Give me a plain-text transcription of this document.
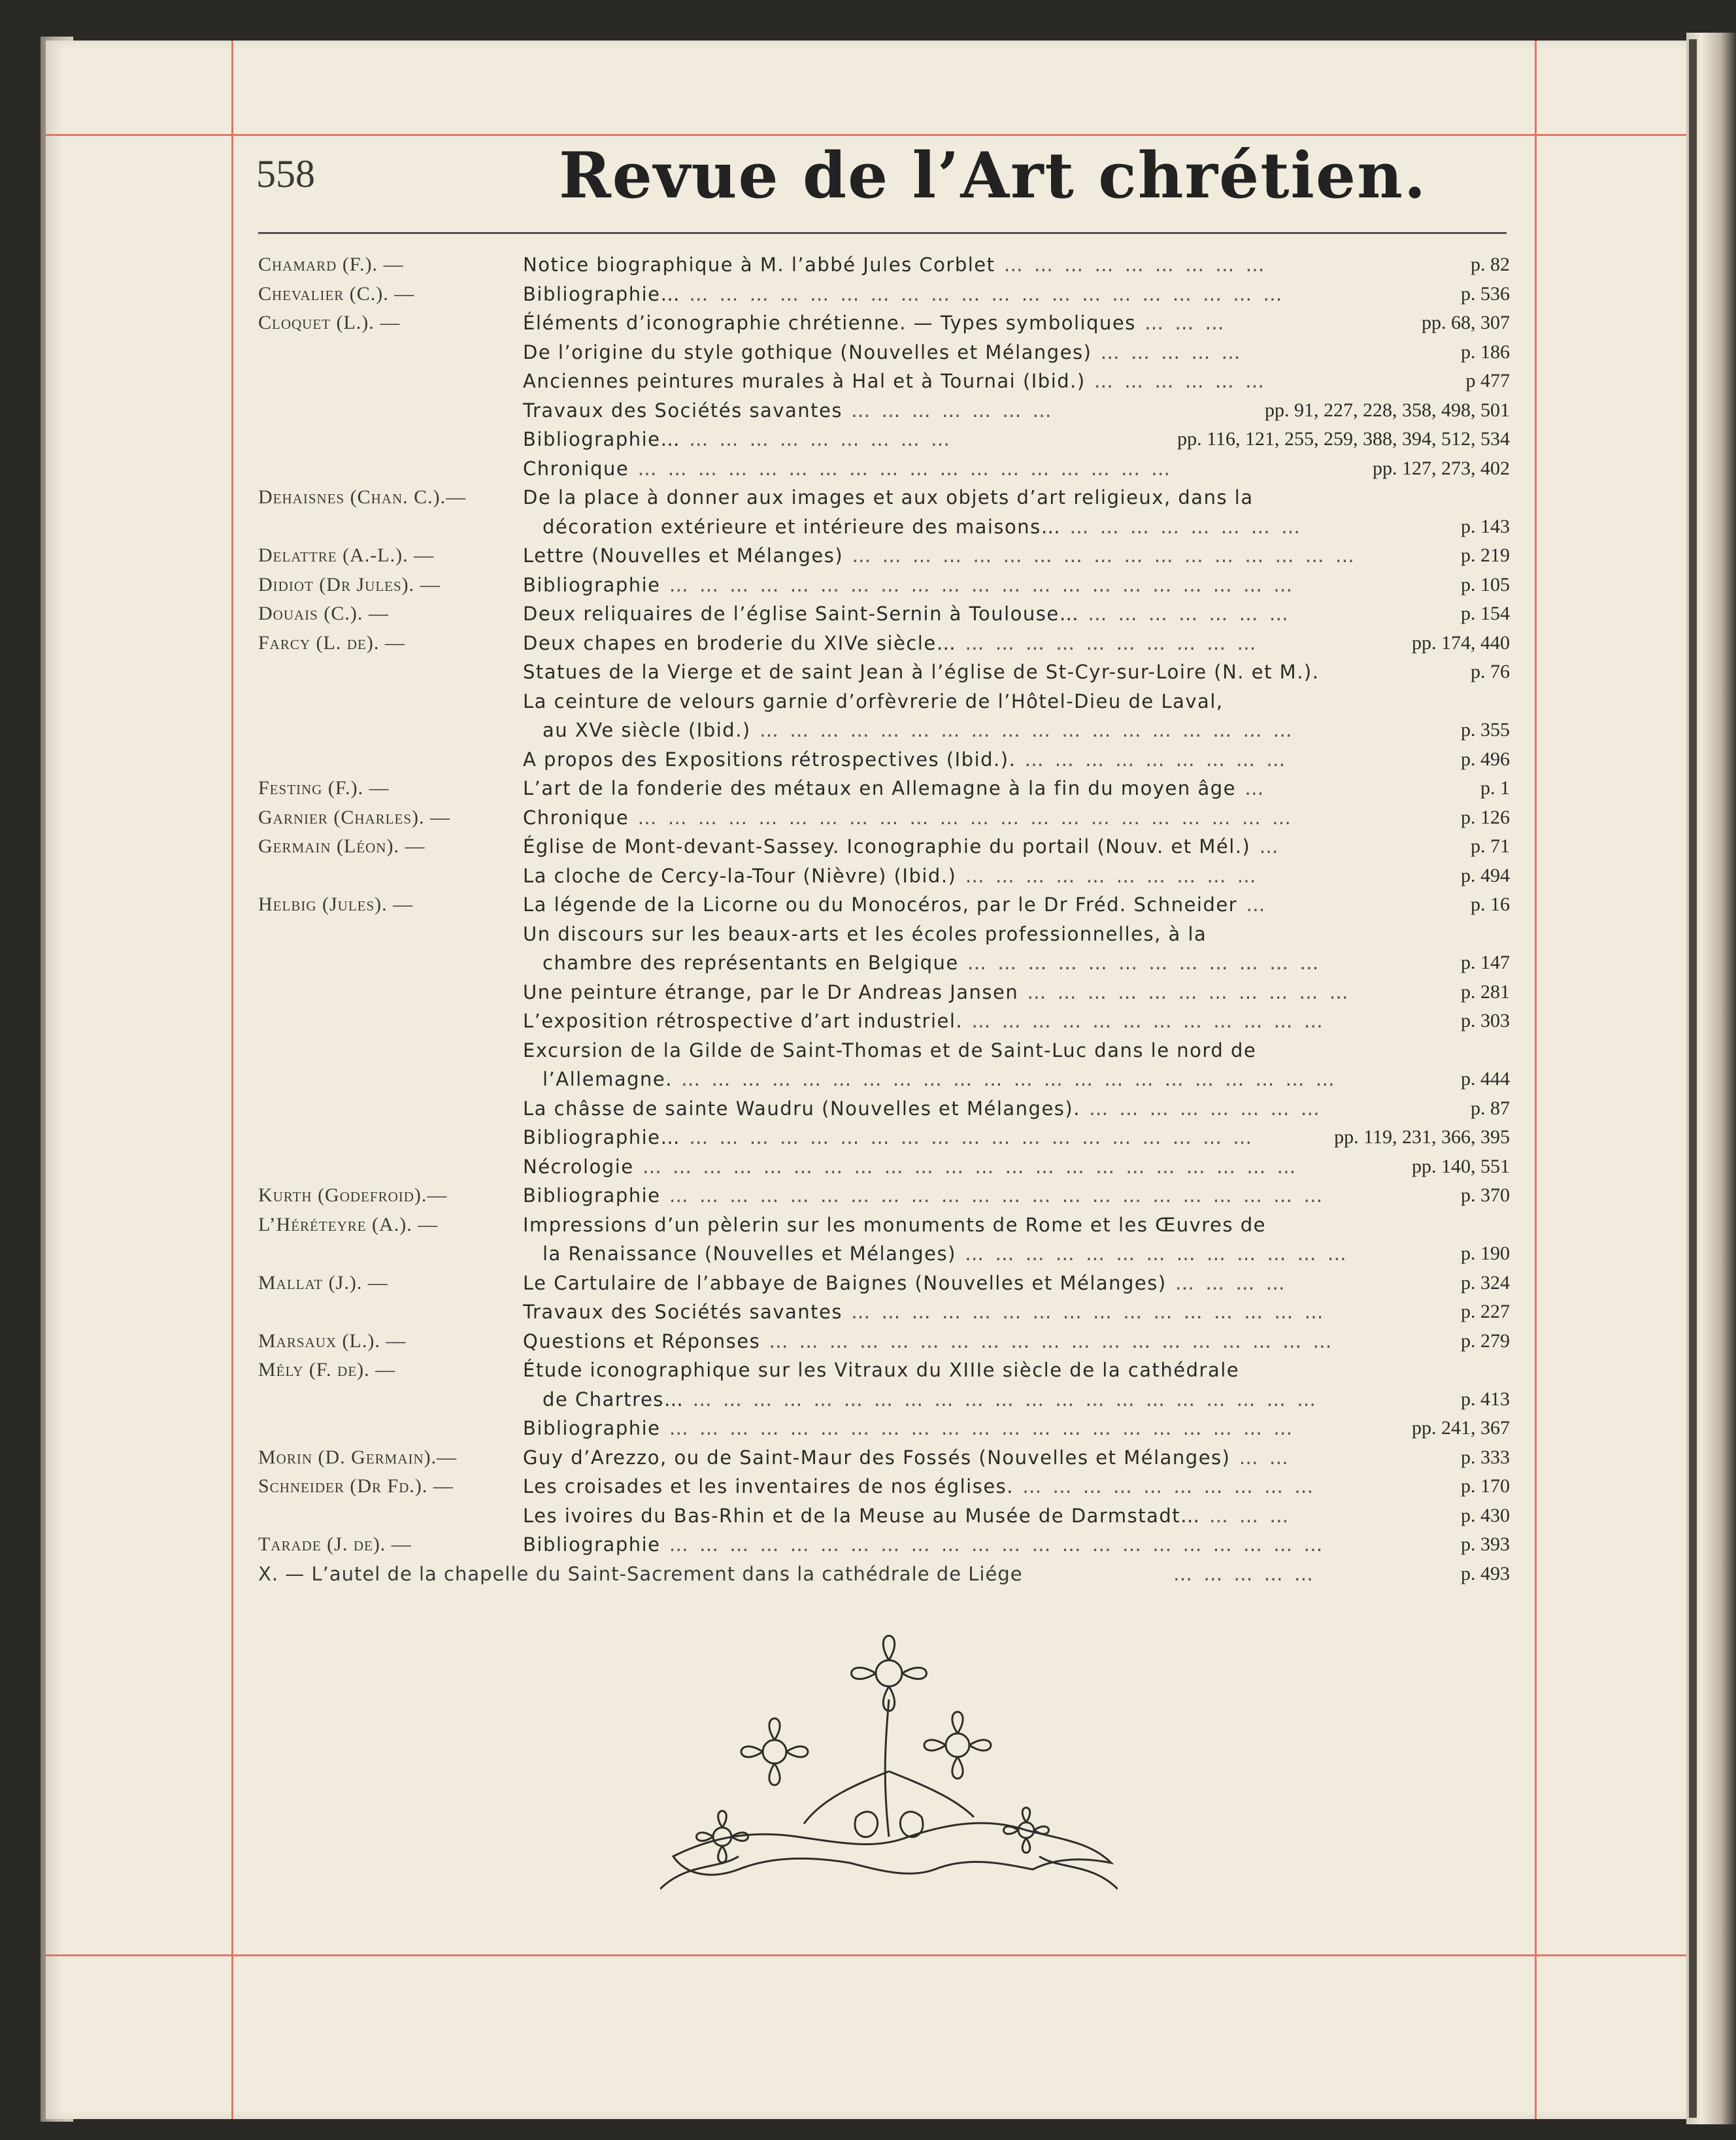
558	Revue de l’Art chrétien.
Chamard (F.). —	Notice biographique à M. l’abbé Jules Corblet … … … … … … … … …	p. 82
Chevalier (C.). —	Bibliographie… … … … … … … … … … … … … … … … … … … … …	p. 536
Cloquet (L.). —	Éléments d’iconographie chrétienne. — Types symboliques … … …	pp. 68, 307
De l’origine du style gothique (Nouvelles et Mélanges) … … … … …	p. 186
Anciennes peintures murales à Hal et à Tournai (Ibid.) … … … … … …	p 477
Travaux des Sociétés savantes … … … … … … …	pp. 91, 227, 228, 358, 498, 501
Bibliographie… … … … … … … … … …	pp. 116, 121, 255, 259, 388, 394, 512, 534
Chronique … … … … … … … … … … … … … … … … … …	pp. 127, 273, 402
Dehaisnes (Chan. C.).—	De la place à donner aux images et aux objets d’art religieux, dans la
décoration extérieure et intérieure des maisons… … … … … … … … …	p. 143
Delattre (A.-L.). —	Lettre (Nouvelles et Mélanges) … … … … … … … … … … … … … … … … …	p. 219
Didiot (Dr Jules). —	Bibliographie … … … … … … … … … … … … … … … … … … … … …	p. 105
Douais (C.). —	Deux reliquaires de l’église Saint-Sernin à Toulouse… … … … … … … …	p. 154
Farcy (L. de). —	Deux chapes en broderie du XIVe siècle… … … … … … … … … … …	pp. 174, 440
Statues de la Vierge et de saint Jean à l’église de St-Cyr-sur-Loire (N. et M.).	p. 76
La ceinture de velours garnie d’orfèvrerie de l’Hôtel-Dieu de Laval,
au XVe siècle (Ibid.) … … … … … … … … … … … … … … … … … …	p. 355
A propos des Expositions rétrospectives (Ibid.). … … … … … … … … …	p. 496
Festing (F.). —	L’art de la fonderie des métaux en Allemagne à la fin du moyen âge …	p. 1
Garnier (Charles). —	Chronique … … … … … … … … … … … … … … … … … … … … … …	p. 126
Germain (Léon). —	Église de Mont-devant-Sassey. Iconographie du portail (Nouv. et Mél.) …	p. 71
La cloche de Cercy-la-Tour (Nièvre) (Ibid.) … … … … … … … … … …	p. 494
Helbig (Jules). —	La légende de la Licorne ou du Monocéros, par le Dr Fréd. Schneider …	p. 16
Un discours sur les beaux-arts et les écoles professionnelles, à la
chambre des représentants en Belgique … … … … … … … … … … … …	p. 147
Une peinture étrange, par le Dr Andreas Jansen … … … … … … … … … … …	p. 281
L’exposition rétrospective d’art industriel. … … … … … … … … … … … …	p. 303
Excursion de la Gilde de Saint-Thomas et de Saint-Luc dans le nord de
l’Allemagne. … … … … … … … … … … … … … … … … … … … … … …	p. 444
La châsse de sainte Waudru (Nouvelles et Mélanges). … … … … … … … …	p. 87
Bibliographie… … … … … … … … … … … … … … … … … … … …	pp. 119, 231, 366, 395
Nécrologie … … … … … … … … … … … … … … … … … … … … … …	pp. 140, 551
Kurth (Godefroid).—	Bibliographie … … … … … … … … … … … … … … … … … … … … … …	p. 370
L’Héréteyre (A.). —	Impressions d’un pèlerin sur les monuments de Rome et les Œuvres de
la Renaissance (Nouvelles et Mélanges) … … … … … … … … … … … … …	p. 190
Mallat (J.). —	Le Cartulaire de l’abbaye de Baignes (Nouvelles et Mélanges) … … … …	p. 324
Travaux des Sociétés savantes … … … … … … … … … … … … … … … …	p. 227
Marsaux (L.). —	Questions et Réponses … … … … … … … … … … … … … … … … … … …	p. 279
Mély (F. de). —	Étude iconographique sur les Vitraux du XIIIe siècle de la cathédrale
de Chartres… … … … … … … … … … … … … … … … … … … … … …	p. 413
Bibliographie … … … … … … … … … … … … … … … … … … … … …	pp. 241, 367
Morin (D. Germain).—	Guy d’Arezzo, ou de Saint-Maur des Fossés (Nouvelles et Mélanges) … …	p. 333
Schneider (Dr Fd.). —	Les croisades et les inventaires de nos églises. … … … … … … … … … …	p. 170
Les ivoires du Bas-Rhin et de la Meuse au Musée de Darmstadt… … … …	p. 430
Tarade (J. de). —	Bibliographie … … … … … … … … … … … … … … … … … … … … … …	p. 393
X. — L’autel de la chapelle du Saint-Sacrement dans la cathédrale de Liége	… … … … …	p. 493
